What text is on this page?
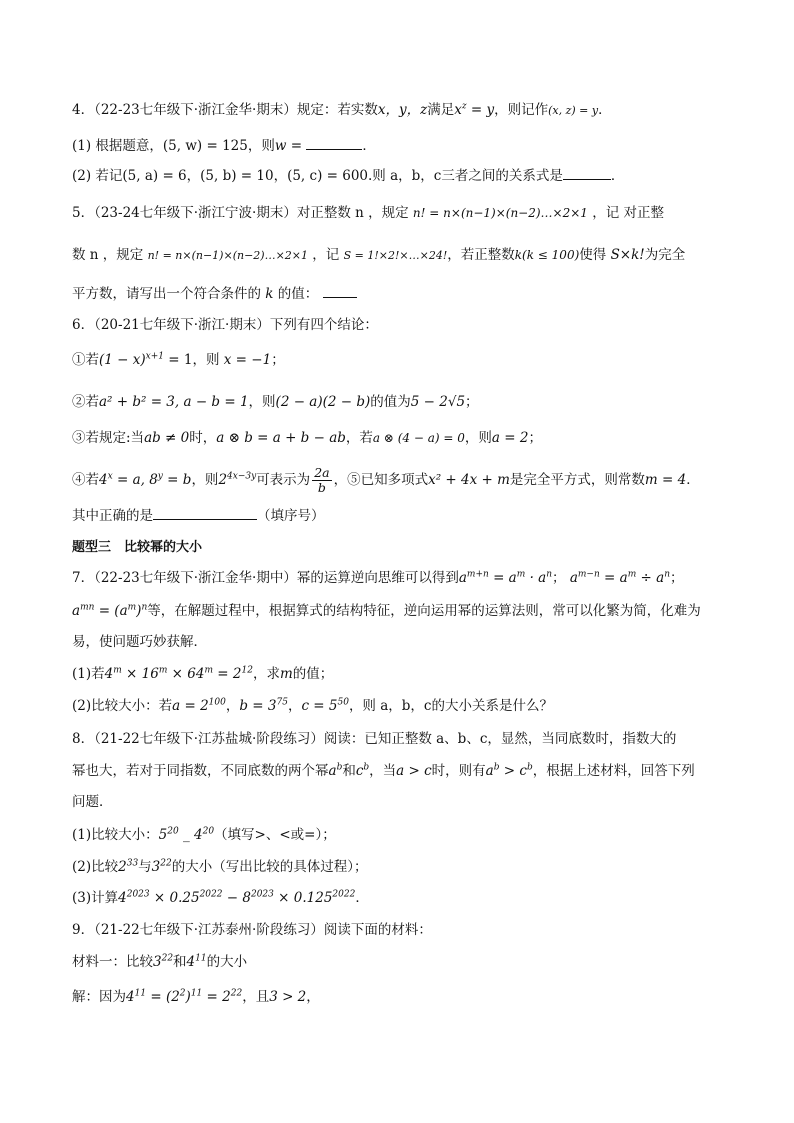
4．（22-23七年级下·浙江金华·期末）规定：若实数x，y，z满足$x^z = y$，则记作(x, z) = y．
(1) 根据题意，(5, w) = 125，则w =	．
(2) 若记(5, a) = 6，(5, b) = 10，(5, c) = 600.则 a，b，c三者之间的关系式是	．
5．（23-24七年级下·浙江宁波·期末）对正整数 n ，规定 n! = n×(n−1)×(n−2)…×2×1 ，记 对正整
数 n ，规定 n! = n×(n−1)×(n−2)…×2×1 ，记 S = 1!×2!×…×24!，若正整数k(k ≤ 100)使得 S×k!为完全
平方数，请写出一个符合条件的 k 的值：
6．（20-21七年级下·浙江·期末）下列有四个结论：
①若$(1 - x)^{x+1} = 1$，则 x = −1；
②若a² + b² = 3, a − b = 1，则(2 − a)(2 − b)的值为5 − 2√5；
③若规定:当ab ≠ 0时，a ⊗ b = a + b − ab，若a ⊗ (4 − a) = 0，则a = 2；
④若$4^x = a$, $8^y = b$，则$2^{4x-3y}$可表示为 $\frac{2a}{b}$ ，⑤已知多项式x² + 4x + m是完全平方式，则常数m = 4．
其中正确的是	（填序号）
题型三　比较幂的大小
7．（22-23七年级下·浙江金华·期中）幂的运算逆向思维可以得到$a^{m+n} = a^m \cdot a^n$； $a^{m-n} = a^m \div a^n$；
$a^{mn} = (a^m)^n$等，在解题过程中，根据算式的结构特征，逆向运用幂的运算法则，常可以化繁为简，化难为
易，使问题巧妙获解．
(1)若$4^m \times 16^m \times 64^m = 2^{12}$，求m的值；
(2)比较大小：若$a = 2^{100}$，$b = 3^{75}$，$c = 5^{50}$，则 a，b，c的大小关系是什么？
8．（21-22七年级下·江苏盐城·阶段练习）阅读：已知正整数 a、b、c，显然，当同底数时，指数大的
幂也大，若对于同指数，不同底数的两个幂$a^b$和$c^b$，当a > c时，则有$a^b > c^b$，根据上述材料，回答下列
问题．
(1)比较大小：$5^{20}$ _ $4^{20}$（填写>、<或=）；
(2)比较$2^{33}$与$3^{22}$的大小（写出比较的具体过程）；
(3)计算$4^{2023} \times 0.25^{2022} - 8^{2023} \times 0.125^{2022}$．
9．（21-22七年级下·江苏泰州·阶段练习）阅读下面的材料：
材料一：比较$3^{22}$和$4^{11}$的大小
解：因为$4^{11} = (2^2)^{11} = 2^{22}$，且3 > 2，
